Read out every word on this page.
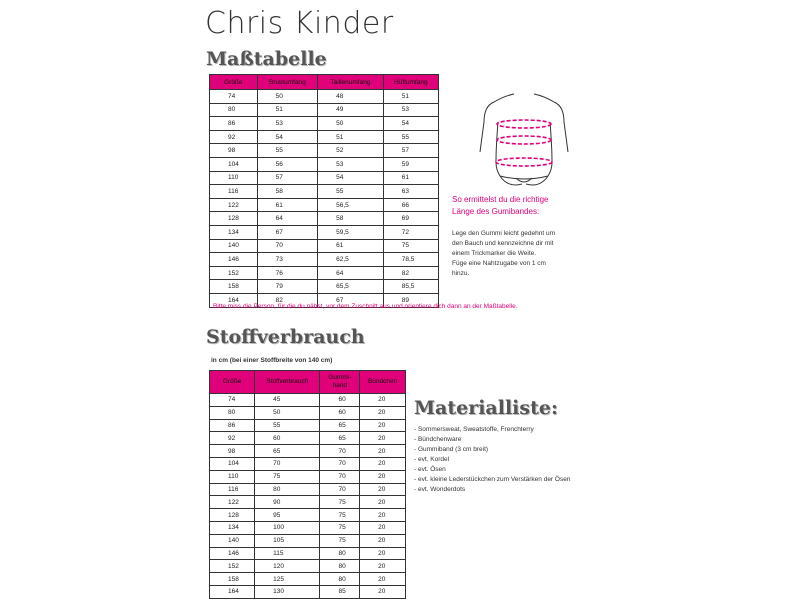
Chris Kinder
Maßtabelle
Größe	Brustumfang	Taillenumfang	Hüftumfang
74	50	48	51
80	51	49	53
86	53	50	54
92	54	51	55
98	55	52	57
104	56	53	59
110	57	54	61
116	58	55	63
122	61	56,5	66
128	64	58	69
134	67	59,5	72
140	70	61	75
146	73	62,5	78,5
152	76	64	82
158	79	65,5	85,5
164	82	67	89
So ermittelst du die richtige
Länge des Gumibandes:
Lege den Gummi leicht gedehnt um
den Bauch und kennzeichne dir mit
einem Trickmarker die Weite.
Füge eine Nahtzugabe von 1 cm
hinzu.
Bitte miss die Person, für die du nähst, vor dem Zuschnitt aus und orientiere dich dann an der Maßtabelle.
Stoffverbrauch
in cm (bei einer Stoffbreite von 140 cm)
Größe	Stoffverbrauch	Gummi-
band	Bündchen
74	45	60	20
80	50	60	20
86	55	65	20
92	60	65	20
98	65	70	20
104	70	70	20
110	75	70	20
116	80	70	20
122	90	75	20
128	95	75	20
134	100	75	20
140	105	75	20
146	115	80	20
152	120	80	20
158	125	80	20
164	130	85	20
Materialliste:
- Sommersweat, Sweatstoffe, Frenchterry
- Bündchenware
- Gummiband (3 cm breit)
- evt. Kordel
- evt. Ösen
- evt. kleine Lederstückchen zum Verstärken der Ösen
- evt. Wonderdots
